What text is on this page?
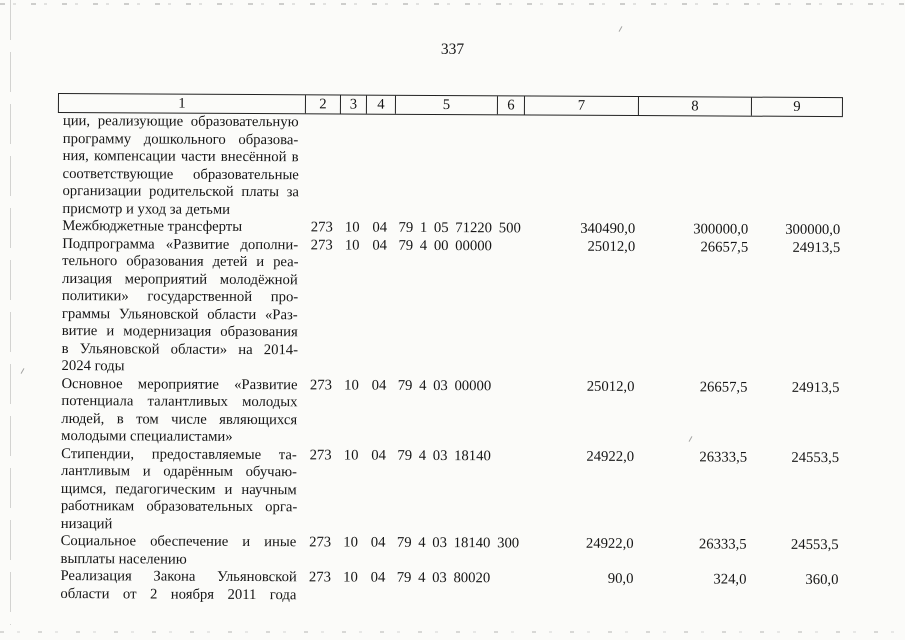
337
1	2	3	4	5	6	7	8	9
ции, реализующие образовательную
программу дошкольного образова-
ния, компенсации части внесённой в
соответствующие образовательные
организации родительской платы за
присмотр и уход за детьми
Межбюджетные трансферты	273 10 04 79 1 05 71220 500	340490,0	300000,0	300000,0
Подпрограмма «Развитие дополни-
тельного образования детей и реа-
лизация мероприятий молодёжной
политики» государственной про-
граммы Ульяновской области «Раз-
витие и модернизация образования
в Ульяновской области» на 2014-
2024 годы
273 10 04 79 4 00 00000	25012,0	26657,5	24913,5
Основное мероприятие «Развитие
потенциала талантливых молодых
людей, в том числе являющихся
молодыми специалистами»
273 10 04 79 4 03 00000	25012,0	26657,5	24913,5
Стипендии, предоставляемые та-
лантливым и одарённым обучаю-
щимся, педагогическим и научным
работникам образовательных орга-
низаций
273 10 04 79 4 03 18140	24922,0	26333,5	24553,5
Социальное обеспечение и иные
выплаты населению
273 10 04 79 4 03 18140 300	24922,0	26333,5	24553,5
Реализация Закона Ульяновской
области от 2 ноября 2011 года
273 10 04 79 4 03 80020	90,0	324,0	360,0
